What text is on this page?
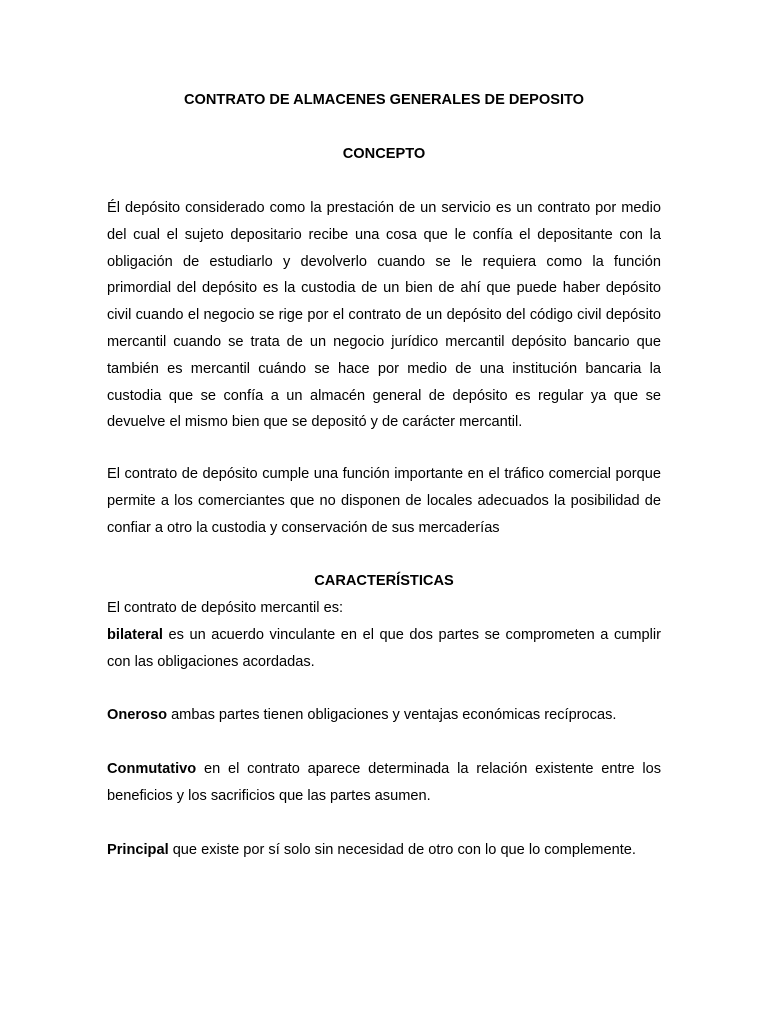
CONTRATO DE ALMACENES GENERALES DE DEPOSITO
CONCEPTO

Él depósito considerado como la prestación de un servicio es un contrato por medio del cual el sujeto depositario recibe una cosa que le confía el depositante con la obligación de estudiarlo y devolverlo cuando se le requiera como la función primordial del depósito es la custodia de un bien de ahí que puede haber depósito civil cuando el negocio se rige por el contrato de un depósito del código civil depósito mercantil cuando se trata de un negocio jurídico mercantil depósito bancario que también es mercantil cuándo se hace por medio de una institución bancaria la custodia que se confía a un almacén general de depósito es regular ya que se devuelve el mismo bien que se depositó y de carácter mercantil.

El contrato de depósito cumple una función importante en el tráfico comercial porque permite a los comerciantes que no disponen de locales adecuados la posibilidad de confiar a otro la custodia y conservación de sus mercaderías

CARACTERÍSTICAS

El contrato de depósito mercantil es:

bilateral es un acuerdo vinculante en el que dos partes se comprometen a cumplir con las obligaciones acordadas.

Oneroso ambas partes tienen obligaciones y ventajas económicas recíprocas.

Conmutativo en el contrato aparece determinada la relación existente entre los beneficios y los sacrificios que las partes asumen.

Principal que existe por sí solo sin necesidad de otro con lo que lo complemente.
